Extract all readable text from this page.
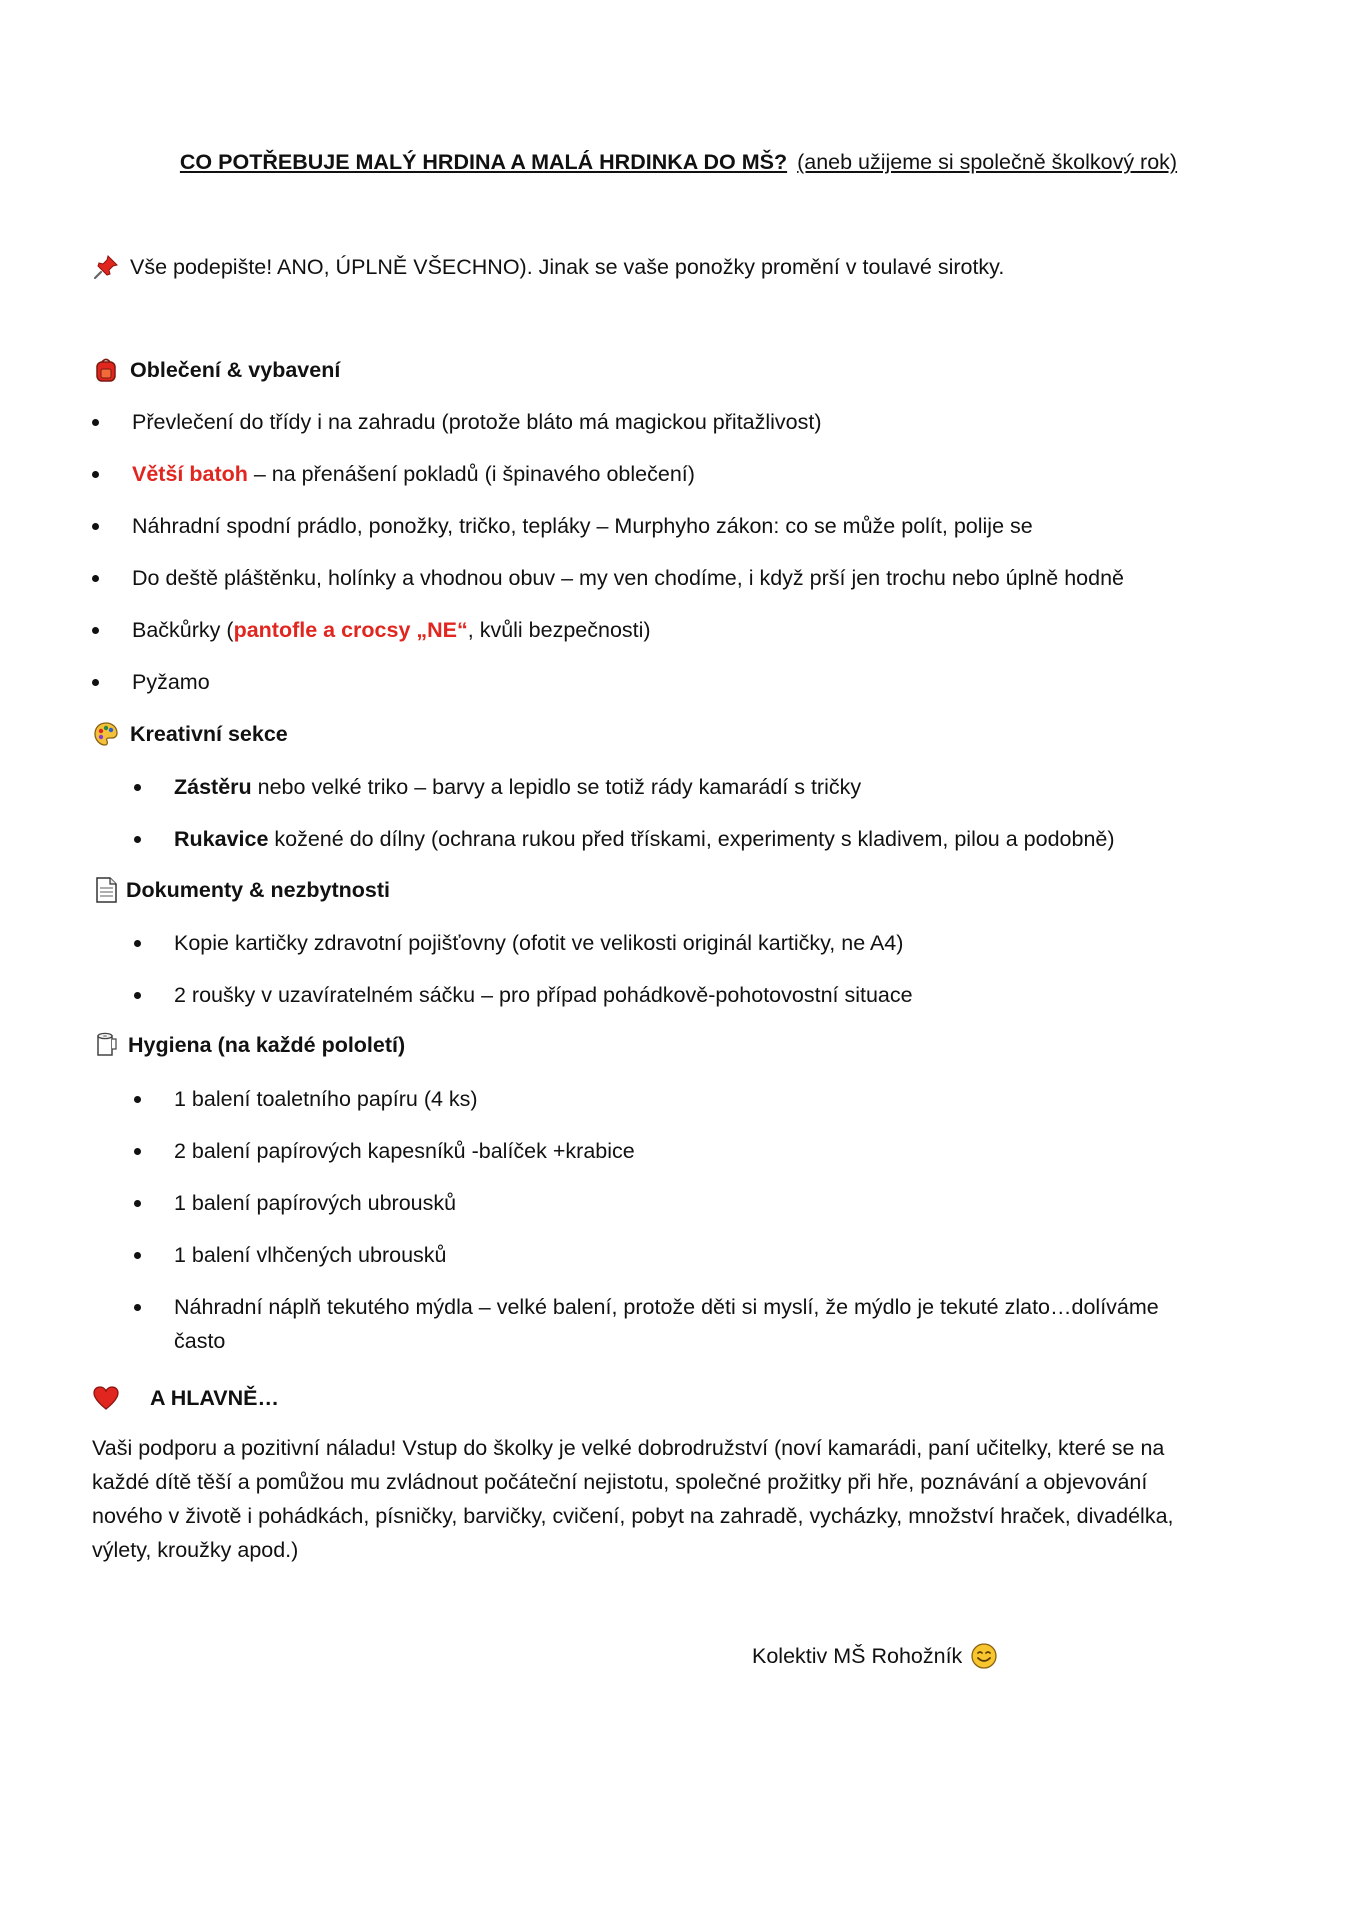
CO POTŘEBUJE MALÝ HRDINA A MALÁ HRDINKA DO MŠ? (aneb užijeme si společně školkový rok)
Vše podepište! ANO, ÚPLNĚ VŠECHNO). Jinak se vaše ponožky promění v toulavé sirotky.
Oblečení & vybavení
Převlečení do třídy i na zahradu (protože bláto má magickou přitažlivost)
Větší batoh – na přenášení pokladů (i špinavého oblečení)
Náhradní spodní prádlo, ponožky, tričko, tepláky – Murphyho zákon: co se může polít, polije se
Do deště pláštěnku, holínky a vhodnou obuv – my ven chodíme, i když prší jen trochu nebo úplně hodně
Bačkůrky (pantofle a crocsy „NE“, kvůli bezpečnosti)
Pyžamo
Kreativní sekce
Zástěru nebo velké triko – barvy a lepidlo se totiž rády kamarádí s tričky
Rukavice kožené do dílny (ochrana rukou před třískami, experimenty s kladivem, pilou a podobně)
Dokumenty & nezbytnosti
Kopie kartičky zdravotní pojišťovny (ofotit ve velikosti originál kartičky, ne A4)
2 roušky v uzavíratelném sáčku – pro případ pohádkově-pohotovostní situace
Hygiena (na každé pololetí)
1 balení toaletního papíru (4 ks)
2 balení papírových kapesníků -balíček +krabice
1 balení papírových ubrousků
1 balení vlhčených ubrousků
Náhradní náplň tekutého mýdla – velké balení, protože děti si myslí, že mýdlo je tekuté zlato…dolíváme
často
A HLAVNĚ…
Vaši podporu a pozitivní náladu! Vstup do školky je velké dobrodružství (noví kamarádi, paní učitelky, které se na
každé dítě těší a pomůžou mu zvládnout počáteční nejistotu, společné prožitky při hře, poznávání a objevování
nového v životě i pohádkách, písničky, barvičky, cvičení, pobyt na zahradě, vycházky, množství hraček, divadélka,
výlety, kroužky apod.)
Kolektiv MŠ Rohožník
